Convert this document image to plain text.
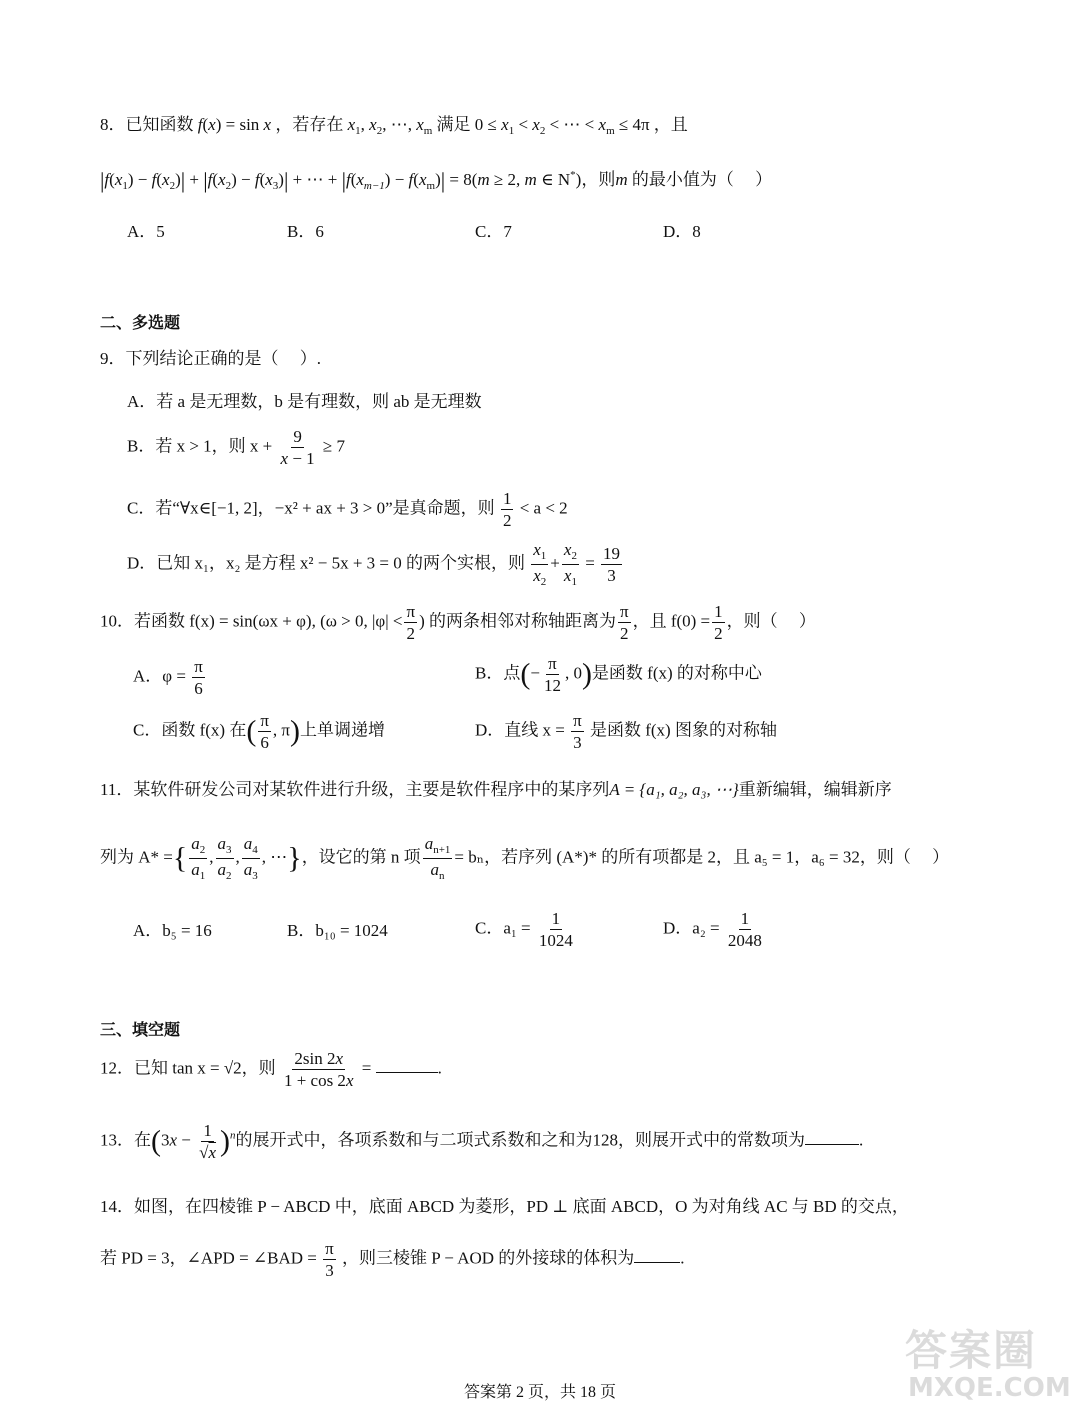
8．已知函数 f(x) = sin x ，若存在 $x_1$, $x_2$, ⋯, $x_m$ 满足 $0 \le x_1 < x_2$ < ⋯ < $x_m \le 4\pi$ ，且
$|f(x_1) - f(x_2)| + |f(x_2) - f(x_3)|$ + ⋯ + $|f(x_{m-1}) - f(x_m)| = 8(m \ge 2$, m ∈ N*)，则m 的最小值为（　 ）
A．5	B．6	C．7	D．8
二、多选题
9．下列结论正确的是（　 ）.
A．若 a 是无理数，b 是有理数，则 ab 是无理数
B．若 x > 1，则 $x + \frac{9}{x - 1} \ge 7$
C．若“∀x∈[−1, 2]，−x² + ax + 3 > 0”是真命题，则 $\frac{1}{2} < a < 2$
D．已知 x₁，x₂ 是方程 x² − 5x + 3 = 0 的两个实根，则 $\frac{x_1}{x_2} + \frac{x_2}{x_1} = \frac{19}{3}$
10．若函数 f(x) = sin(ωx + φ), (ω > 0, $|\varphi| < \frac{\pi}{2}$ ) 的两条相邻对称轴距离为 $\frac{\pi}{2}$ ，且 $f(0) = \frac{1}{2}$ ，则（　 ）
A．$\varphi = \frac{\pi}{6}$	B．点(− $\frac{\pi}{12}$ , 0)是函数 f(x) 的对称中心
C．函数 f(x) 在( $\frac{\pi}{6}$ , π)上单调递增	D．直线 $x = \frac{\pi}{3}$ 是函数 f(x) 图象的对称轴
11．某软件研发公司对某软件进行升级，主要是软件程序中的某序列A = {a₁, a₂, a₃, ⋯}重新编辑，编辑新序
列为 A* ={ $\frac{a_2}{a_1}$ , $\frac{a_3}{a_2}$ , $\frac{a_4}{a_3}$ , ⋯}，设它的第 n 项 $\frac{a_{n+1}}{a_n} = b_n$，若序列 (A*)* 的所有项都是 2，且 a₅ = 1，a₆ = 32，则（　 ）
A．b₅ = 16	B．b₁₀ = 1024	C．$a_1 = \frac{1}{1024}$	D．$a_2 = \frac{1}{2048}$
三、填空题
12．已知 tan x = √2，则 $\frac{2\sin 2x}{1 + \cos 2x}$ =	.
13．在$(3x - \frac{1}{√x} )^n$的展开式中，各项系数和与二项式系数和之和为128，则展开式中的常数项为	.
14．如图，在四棱锥 P − ABCD 中，底面 ABCD 为菱形，PD ⊥ 底面 ABCD，O 为对角线 AC 与 BD 的交点，
若 PD = 3，∠APD = ∠BAD = $\frac{\pi}{3}$ ，则三棱锥 P − AOD 的外接球的体积为	.
答案圈
MXQE.COM
答案第 2 页，共 18 页
